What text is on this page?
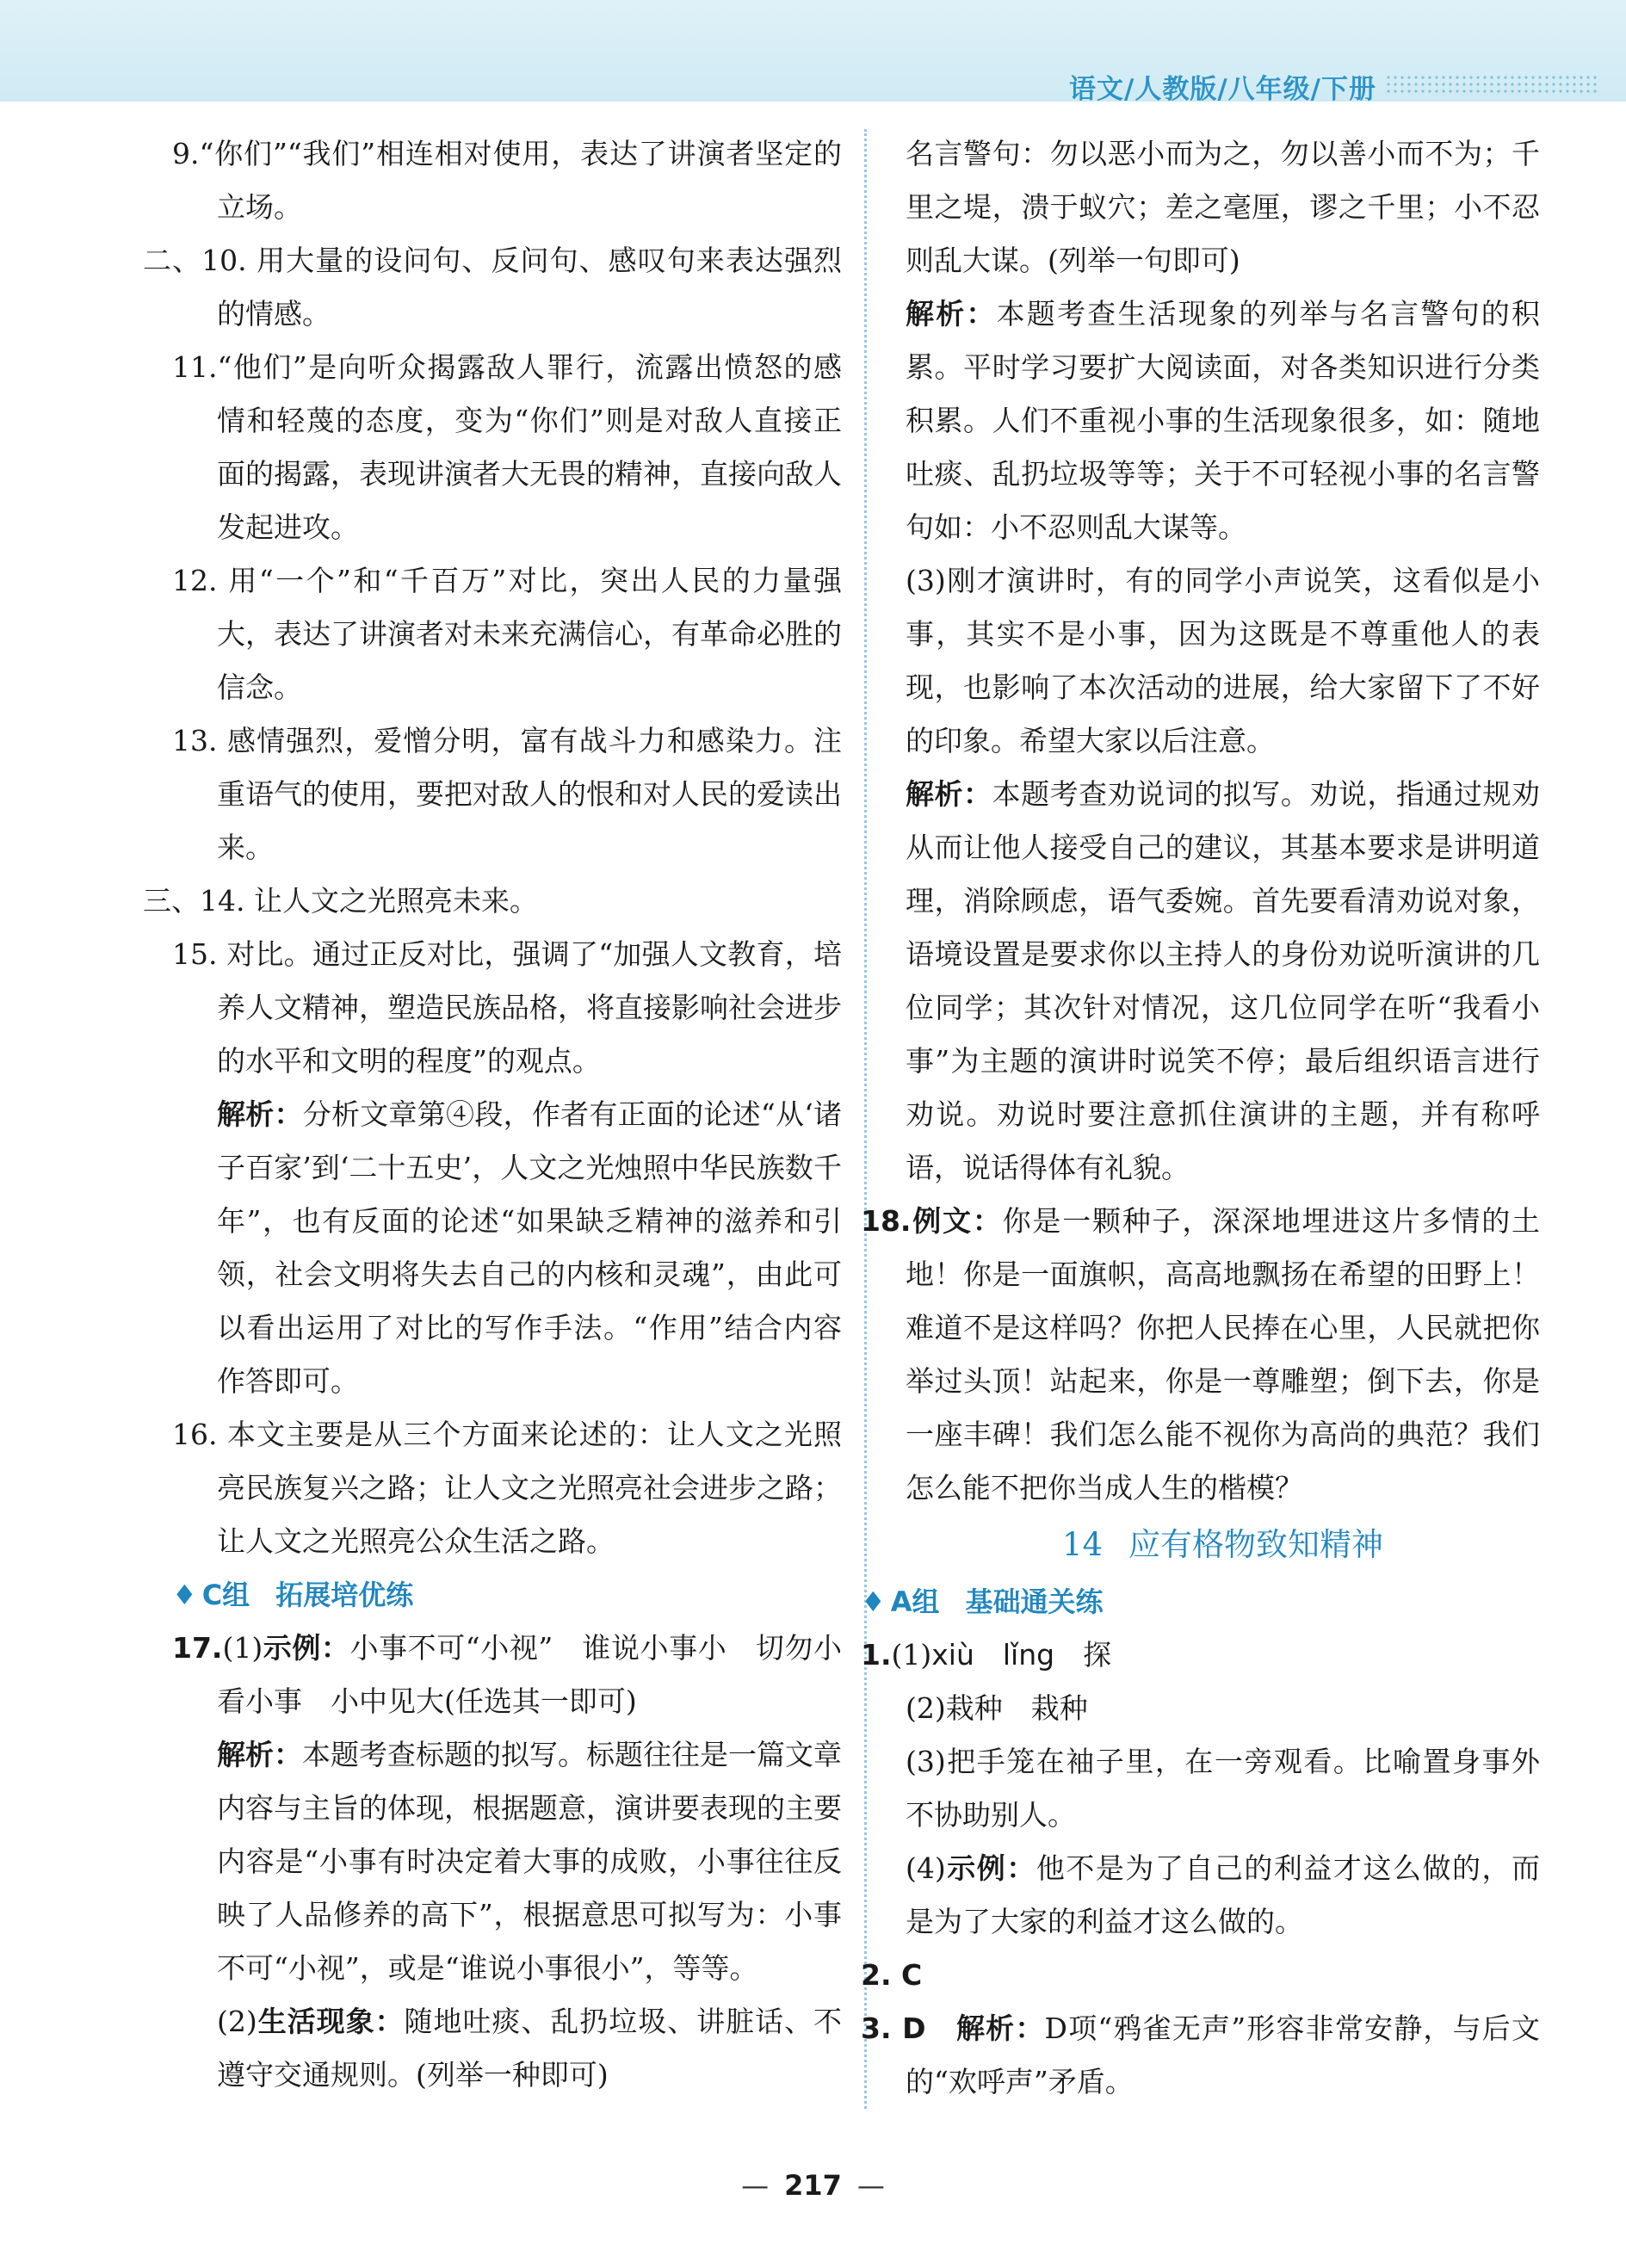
语文/人教版/八年级/下册

9.“你们”“我们”相连相对使用，表达了讲演者坚定的立场。

二、10. 用大量的设问句、反问句、感叹句来表达强烈的情感。

11.“他们”是向听众揭露敌人罪行，流露出愤怒的感情和轻蔑的态度，变为“你们”则是对敌人直接正面的揭露，表现讲演者大无畏的精神，直接向敌人发起进攻。

12. 用“一个”和“千百万”对比，突出人民的力量强大，表达了讲演者对未来充满信心，有革命必胜的信念。

13. 感情强烈，爱憎分明，富有战斗力和感染力。注重语气的使用，要把对敌人的恨和对人民的爱读出来。

三、14. 让人文之光照亮未来。

15. 对比。通过正反对比，强调了“加强人文教育，培养人文精神，塑造民族品格，将直接影响社会进步的水平和文明的程度”的观点。

解析：分析文章第④段，作者有正面的论述“从‘诸子百家’到‘二十五史’，人文之光烛照中华民族数千年”，也有反面的论述“如果缺乏精神的滋养和引领，社会文明将失去自己的内核和灵魂”，由此可以看出运用了对比的写作手法。“作用”结合内容作答即可。

16. 本文主要是从三个方面来论述的：让人文之光照亮民族复兴之路；让人文之光照亮社会进步之路；让人文之光照亮公众生活之路。

♦ C组 拓展培优练

17.(1)示例：小事不可“小视”　谁说小事小　切勿小看小事　小中见大(任选其一即可)

解析：本题考查标题的拟写。标题往往是一篇文章内容与主旨的体现，根据题意，演讲要表现的主要内容是“小事有时决定着大事的成败，小事往往反映了人品修养的高下”，根据意思可拟写为：小事不可“小视”，或是“谁说小事很小”，等等。

(2)生活现象：随地吐痰、乱扔垃圾、讲脏话、不遵守交通规则。(列举一种即可)

名言警句：勿以恶小而为之，勿以善小而不为；千里之堤，溃于蚁穴；差之毫厘，谬之千里；小不忍则乱大谋。(列举一句即可)

解析：本题考查生活现象的列举与名言警句的积累。平时学习要扩大阅读面，对各类知识进行分类积累。人们不重视小事的生活现象很多，如：随地吐痰、乱扔垃圾等等；关于不可轻视小事的名言警句如：小不忍则乱大谋等。

(3)刚才演讲时，有的同学小声说笑，这看似是小事，其实不是小事，因为这既是不尊重他人的表现，也影响了本次活动的进展，给大家留下了不好的印象。希望大家以后注意。

解析：本题考查劝说词的拟写。劝说，指通过规劝从而让他人接受自己的建议，其基本要求是讲明道理，消除顾虑，语气委婉。首先要看清劝说对象，语境设置是要求你以主持人的身份劝说听演讲的几位同学；其次针对情况，这几位同学在听“我看小事”为主题的演讲时说笑不停；最后组织语言进行劝说。劝说时要注意抓住演讲的主题，并有称呼语，说话得体有礼貌。

18.例文：你是一颗种子，深深地埋进这片多情的土地！你是一面旗帜，高高地飘扬在希望的田野上！难道不是这样吗？你把人民捧在心里，人民就把你举过头顶！站起来，你是一尊雕塑；倒下去，你是一座丰碑！我们怎么能不视你为高尚的典范？我们怎么能不把你当成人生的楷模？

14 应有格物致知精神

♦ A组 基础通关练

1.(1)xiù　lǐng　 探

(2)栽种　栽种

(3)把手笼在袖子里，在一旁观看。比喻置身事外不协助别人。

(4)示例：他不是为了自己的利益才这么做的，而是为了大家的利益才这么做的。

2. C

3. D　 解析：D项“鸦雀无声”形容非常安静，与后文的“欢呼声”矛盾。

— 217 —
